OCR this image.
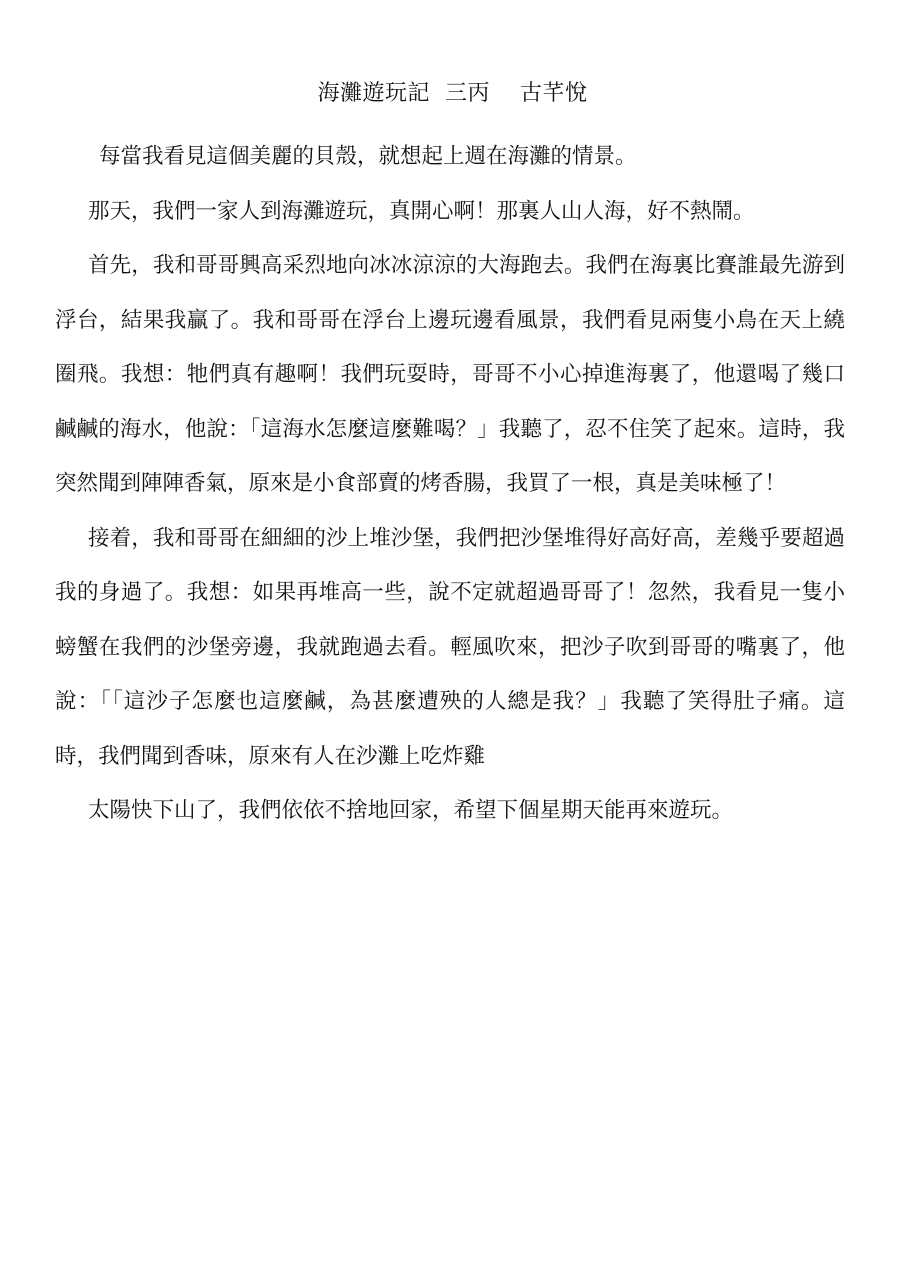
海灘遊玩記  三丙    古芊悅

每當我看見這個美麗的貝殼，就想起上週在海灘的情景。

那天，我們一家人到海灘遊玩，真開心啊！那裏人山人海，好不熱鬧。

首先，我和哥哥興高采烈地向冰冰涼涼的大海跑去。我們在海裏比賽誰最先游到浮台，結果我贏了。我和哥哥在浮台上邊玩邊看風景，我們看見兩隻小鳥在天上繞圈飛。我想：牠們真有趣啊！我們玩耍時，哥哥不小心掉進海裏了，他還喝了幾口鹹鹹的海水，他說：「這海水怎麼這麼難喝？」我聽了，忍不住笑了起來。這時，我突然聞到陣陣香氣，原來是小食部賣的烤香腸，我買了一根，真是美味極了！

接着，我和哥哥在細細的沙上堆沙堡，我們把沙堡堆得好高好高，差幾乎要超過我的身過了。我想：如果再堆高一些，說不定就超過哥哥了！忽然，我看見一隻小螃蟹在我們的沙堡旁邊，我就跑過去看。輕風吹來，把沙子吹到哥哥的嘴裏了，他說：「「這沙子怎麼也這麼鹹，為甚麼遭殃的人總是我？」我聽了笑得肚子痛。這時，我們聞到香味，原來有人在沙灘上吃炸雞

太陽快下山了，我們依依不捨地回家，希望下個星期天能再來遊玩。
